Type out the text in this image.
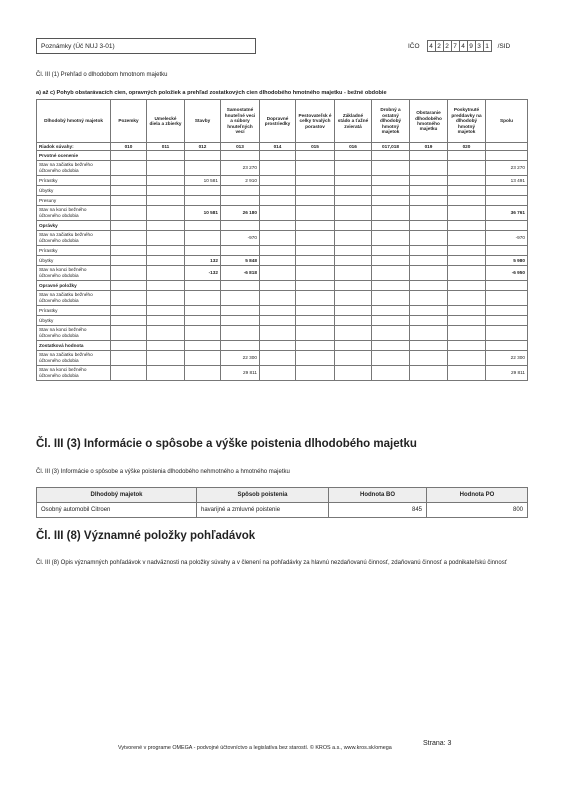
Poznámky (Úč NUJ 3-01)	IČO	4 2 2 7 4 9 3 1	/SID
Čl. III (1) Prehľad o dlhodobom hmotnom majetku
a) až c) Pohyb obstarávacích cien, opravných položiek a prehľad zostatkových cien dlhodobého hmotného majetku - bežné obdobie
Dlhodobý hmotný majetok	Pozemky	Umelecké diela a zbierky	Stavby	Samostatné hnuteľné veci a súbory hnuteľných vecí	Dopravné prostriedky	Pestovateľsk é celky trvalých porastov	Základné stádo a ťažné zvieratá	Drobný a ostatný dlhodobý hmotný majetok	Obstaranie dlhodobého hmotného majetku	Poskytnuté preddavky na dlhodobý hmotný majetok	Spolu
Riadok súvahy:	010	011	012	013	014	015	016	017,018	019	020	
Prvotné ocenenie											
Stav na začiatku bežného účtovného obdobia				23 270							23 270
Prírastky			10 581	2 910							13 491
Úbytky											
Presuny											
Stav na konci bežného účtovného obdobia			10 581	26 180							36 761
Oprávky											
Stav na začiatku bežného účtovného obdobia				-970							-970
Prírastky											
Úbytky			132	5 848							5 980
Stav na konci bežného účtovného obdobia			-132	-6 818							-6 950
Opravné položky											
Stav na začiatku bežného účtovného obdobia											
Prírastky											
Úbytky											
Stav na konci bežného účtovného obdobia											
Zostatková hodnota											
Stav na začiatku bežného účtovného obdobia				22 300							22 300
Stav na konci bežného účtovného obdobia				29 811							29 811
Čl. III (3) Informácie o spôsobe a výške poistenia dlhodobého majetku
Čl. III (3) Informácie o spôsobe a výške poistenia dlhodobého nehmotného a hmotného majetku
Dlhodobý majetok	Spôsob poistenia	Hodnota BO	Hodnota PO
Osobný automobil Citroen	havarijné a zmluvné poistenie	845	800
Čl. III (8) Významné položky pohľadávok
Čl. III (8) Opis významných pohľadávok v nadväznosti na položky súvahy a v členení na pohľadávky za hlavnú nezdaňovanú činnosť, zdaňovanú činnosť a podnikateľskú činnosť
Vytvorené v programe OMEGA - podvojné účtovníctvo a legislatíva bez starostí. © KROS a.s., www.kros.sk/omega
Strana: 3
